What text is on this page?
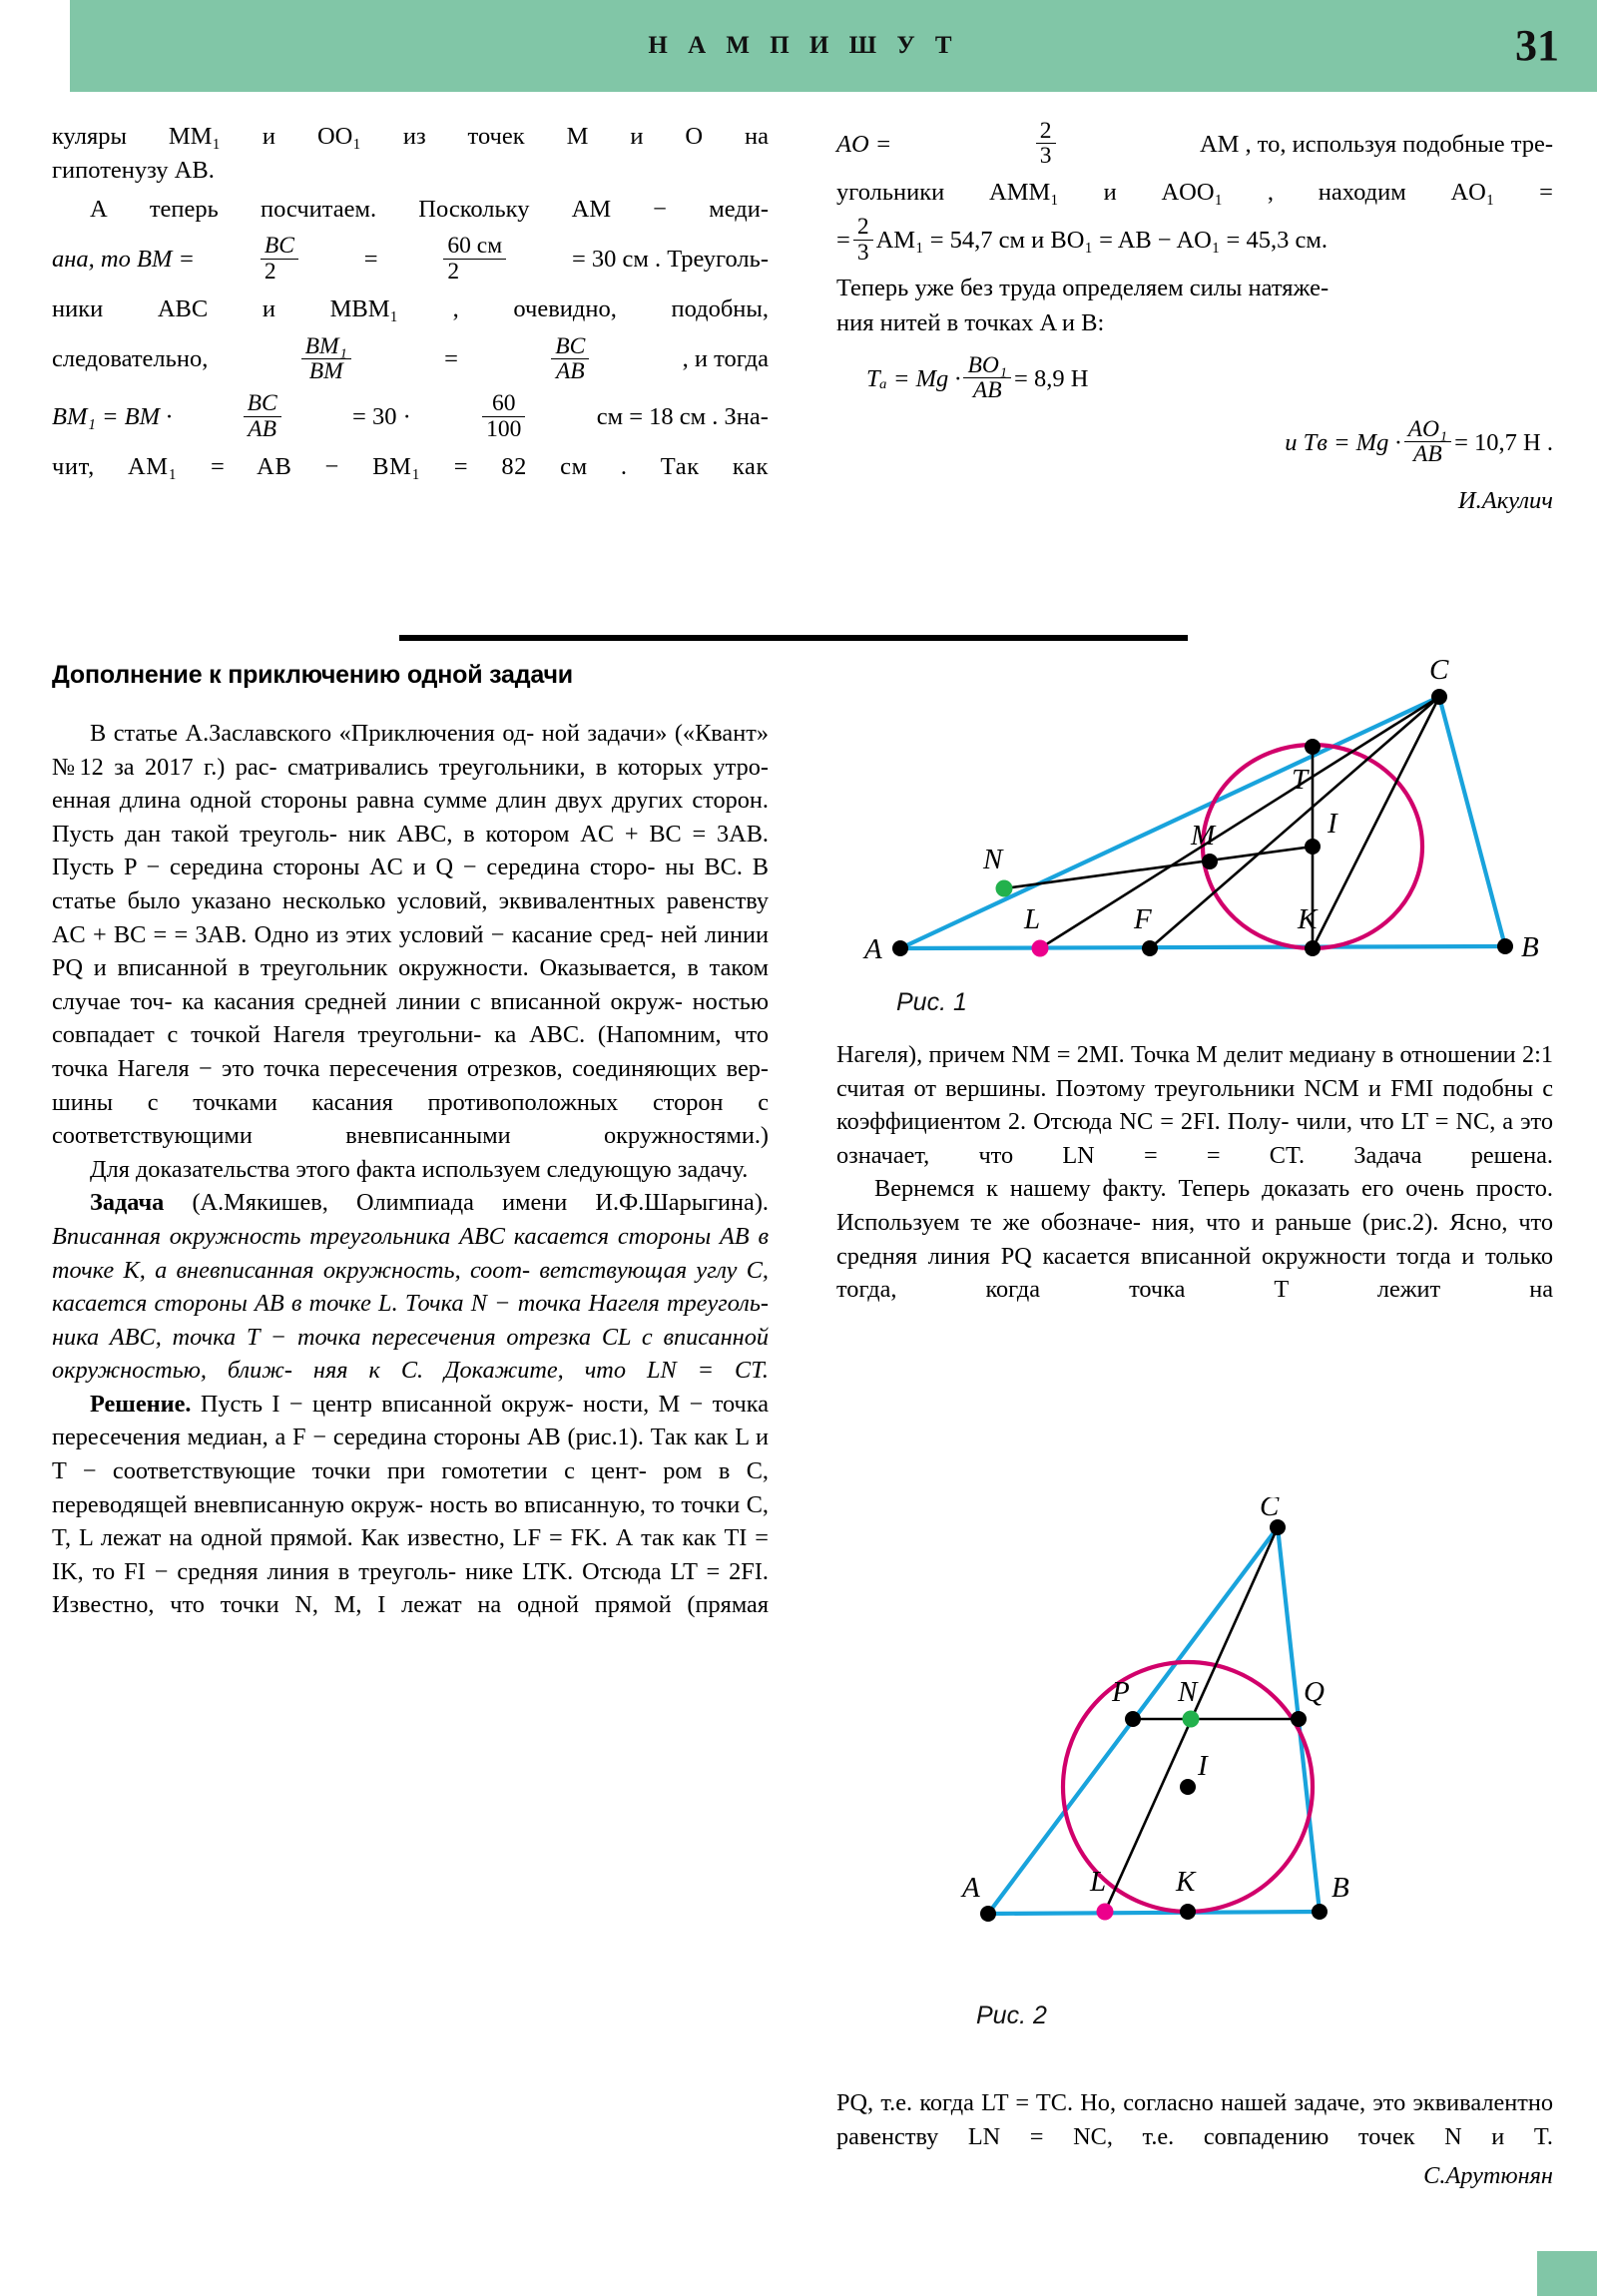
Н А М П И Ш У Т	31
куляры MM₁ и OO₁ из точек M и O на
гипотенузу AB.
А теперь посчитаем. Поскольку AM − меди-
ана, то BM =	$\frac{BC}{2}$	=	$\frac{60 см}{2}$	= 30 см . Треуголь-
ники ABC и MBM₁ , очевидно, подобны,
следовательно,	$\frac{\text{BM₁}}{BM}$	=	$\frac{BC}{AB}$	, и тогда
BM₁ = BM ·	$\frac{BC}{AB}$	= 30 ·	$\frac{60}{100}$	см = 18 см . Зна-
чит, AM₁ = AB − BM₁ = 82 см . Так как
AO =	$\frac{2}{3}$	AM , то, используя подобные тре-
угольники AMM₁ и AOO₁ , находим AO₁ =
= $\frac{2}{3} AM_1 = 54,7$ см и BO₁ = AB − AO₁ = 45,3 см.
Теперь уже без труда определяем силы натяже-
ния нитей в точках A и B:
$T_a = Mg \cdot \frac{\text{BO₁}}{AB} = 8,9$ Н
и Tв = $Mg \cdot \frac{\text{AO₁}}{AB} = 10,7$ Н .
И.Акулич
Дополнение к приключению одной задачи

В статье А.Заславского «Приключения од- ной задачи» («Квант» №12 за 2017 г.) рас- сматривались треугольники, в которых утро- енная длина одной стороны равна сумме длин двух других сторон. Пусть дан такой треуголь- ник ABC, в котором AC + BC = 3AB. Пусть P − середина стороны AC и Q − середина сторо- ны BC. В статье было указано несколько условий, эквивалентных равенству AC + BC = = 3AB. Одно из этих условий − касание сред- ней линии PQ и вписанной в треугольник окружности. Оказывается, в таком случае точ- ка касания средней линии с вписанной окруж- ностью совпадает с точкой Нагеля треугольни- ка ABC. (Напомним, что точка Нагеля − это точка пересечения отрезков, соединяющих вер- шины с точками касания противоположных сторон с соответствующими вневписанными окружностями.)

Для доказательства этого факта используем следующую задачу.

Задача (А.Мякишев, Олимпиада имени И.Ф.Шарыгина). Вписанная окружность треугольника ABC касается стороны AB в точке K, а вневписанная окружность, соот- ветствующая углу C, касается стороны AB в точке L. Точка N − точка Нагеля треуголь- ника ABC, точка T − точка пересечения отрезка CL с вписанной окружностью, ближ- няя к C. Докажите, что LN = CT.

Решение. Пусть I − центр вписанной окруж- ности, M − точка пересечения медиан, а F − середина стороны AB (рис.1). Так как L и T − соответствующие точки при гомотетии с цент- ром в C, переводящей вневписанную окруж- ность во вписанную, то точки C, T, L лежат на одной прямой. Как известно, LF = FK. А так как TI = IK, то FI − средняя линия в треуголь- нике LTK. Отсюда LT = 2FI. Известно, что точки N, M, I лежат на одной прямой (прямая

A	B
C
T
I
M
N
L	F	K
Рис. 1

Нагеля), причем NM = 2MI. Точка M делит медиану в отношении 2:1 считая от вершины. Поэтому треугольники NCM и FMI подобны с коэффициентом 2. Отсюда NC = 2FI. Полу- чили, что LT = NC, а это означает, что LN = = CT. Задача решена.

Вернемся к нашему факту. Теперь доказать его очень просто. Используем те же обозначе- ния, что и раньше (рис.2). Ясно, что средняя линия PQ касается вписанной окружности тогда и только тогда, когда точка T лежит на

C
P N	Q
I
A	B
L K
Рис. 2

PQ, т.е. когда LT = TC. Но, согласно нашей задаче, это эквивалентно равенству LN = NC, т.е. совпадению точек N и T.

С.Арутюнян
